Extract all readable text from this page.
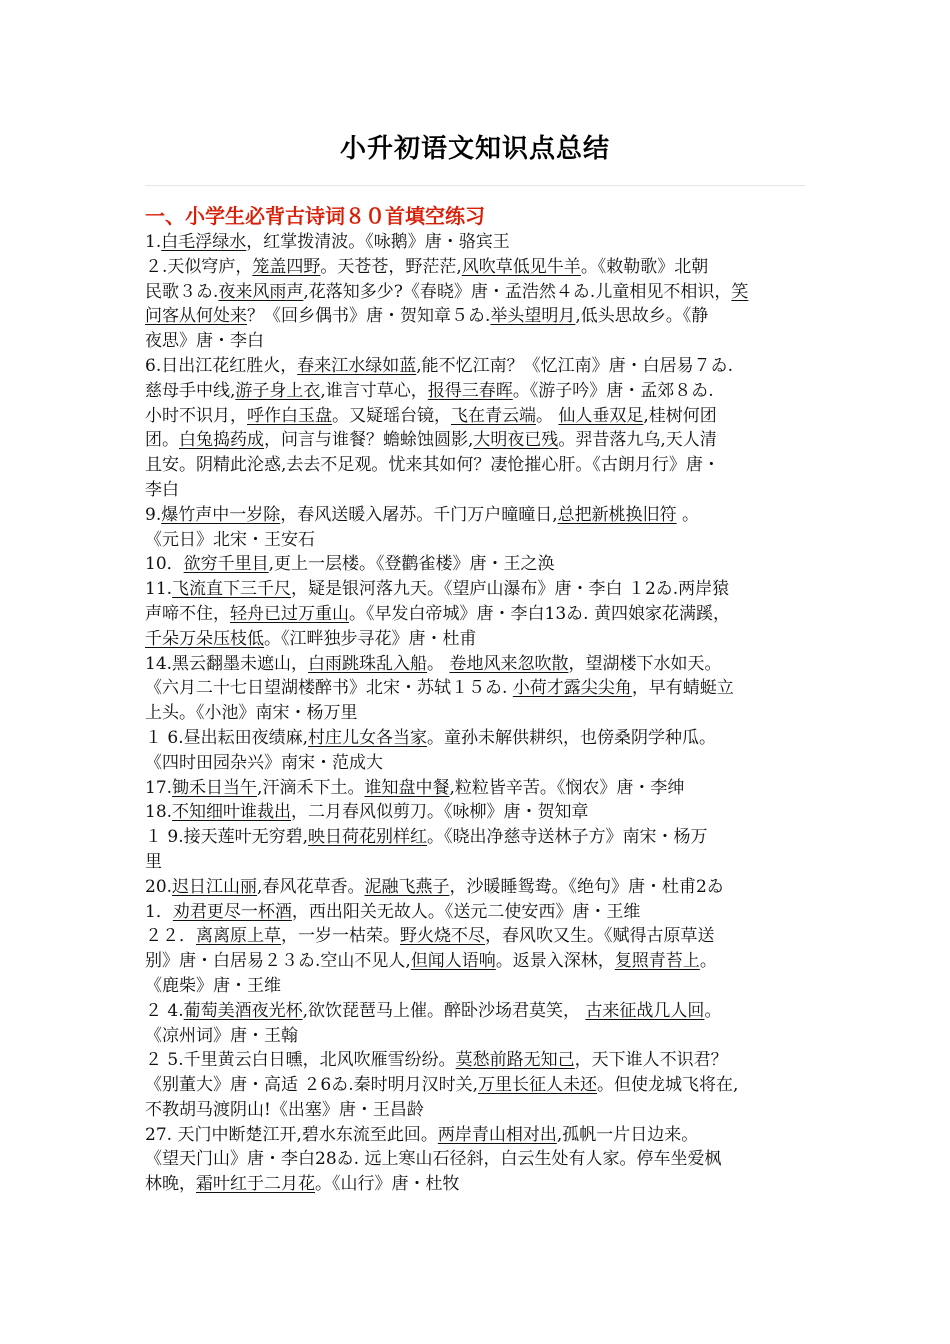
小升初语文知识点总结
一、小学生必背古诗词８０首填空练习
1.白毛浮绿水，红掌拨清波。《咏鹅》唐・骆宾王
２.天似穹庐，笼盖四野。天苍苍，野茫茫,风吹草低见牛羊。《敕勒歌》北朝
民歌３ゐ.夜来风雨声,花落知多少?《春晓》唐・孟浩然４ゐ.儿童相见不相识，笑
问客从何处来？《回乡偶书》唐・贺知章５ゐ.举头望明月,低头思故乡。《静
夜思》唐・李白
6.日出江花红胜火，春来江水绿如蓝,能不忆江南？《忆江南》唐・白居易７ゐ.
慈母手中线,游子身上衣,谁言寸草心，报得三春晖。《游子吟》唐・孟郊８ゐ.
小时不识月，呼作白玉盘。又疑瑶台镜，飞在青云端。 仙人垂双足,桂树何团
团。白兔捣药成，问言与谁餐？蟾蜍蚀圆影,大明夜已残。羿昔落九乌,天人清
且安。阴精此沦惑,去去不足观。忧来其如何？凄怆摧心肝。《古朗月行》唐・
李白
9.爆竹声中一岁除，春风送暖入屠苏。千门万户曈曈日,总把新桃换旧符 。
《元日》北宋・王安石
10．欲穷千里目,更上一层楼。《登鹳雀楼》唐・王之涣
11.飞流直下三千尺，疑是银河落九天。《望庐山瀑布》唐・李白 １2ゐ.两岸猿
声啼不住，轻舟已过万重山。《早发白帝城》唐・李白13ゐ. 黄四娘家花满蹊，
千朵万朵压枝低。《江畔独步寻花》唐・杜甫
14.黑云翻墨未遮山，白雨跳珠乱入船。 卷地风来忽吹散，望湖楼下水如天。
《六月二十七日望湖楼醉书》北宋・苏轼１５ゐ. 小荷才露尖尖角，早有蜻蜓立
上头。《小池》南宋・杨万里
１ 6.昼出耘田夜绩麻,村庄儿女各当家。童孙未解供耕织，也傍桑阴学种瓜。
《四时田园杂兴》南宋・范成大
17.锄禾日当午,汗滴禾下土。谁知盘中餐,粒粒皆辛苦。《悯农》唐・李绅
18.不知细叶谁裁出，二月春风似剪刀。《咏柳》唐・贺知章
１ 9.接天莲叶无穷碧,映日荷花别样红。《晓出净慈寺送林子方》南宋・杨万
里
20.迟日江山丽,春风花草香。泥融飞燕子，沙暖睡鸳鸯。《绝句》唐・杜甫2ゐ
1．劝君更尽一杯酒，西出阳关无故人。《送元二使安西》唐・王维
２２．离离原上草，一岁一枯荣。野火烧不尽，春风吹又生。《赋得古原草送
别》唐・白居易２３ゐ.空山不见人,但闻人语响。返景入深林，复照青苔上。
《鹿柴》唐・王维
２ 4.葡萄美酒夜光杯,欲饮琵琶马上催。醉卧沙场君莫笑， 古来征战几人回。
《凉州词》唐・王翰
２ 5.千里黄云白日曛，北风吹雁雪纷纷。莫愁前路无知己，天下谁人不识君？
《别董大》唐・高适 ２6ゐ.秦时明月汉时关,万里长征人未还。但使龙城飞将在,
不教胡马渡阴山!《出塞》唐・王昌龄
27. 天门中断楚江开,碧水东流至此回。两岸青山相对出,孤帆一片日边来。
《望天门山》唐・李白28ゐ. 远上寒山石径斜，白云生处有人家。停车坐爱枫
林晚，霜叶红于二月花。《山行》唐・杜牧
